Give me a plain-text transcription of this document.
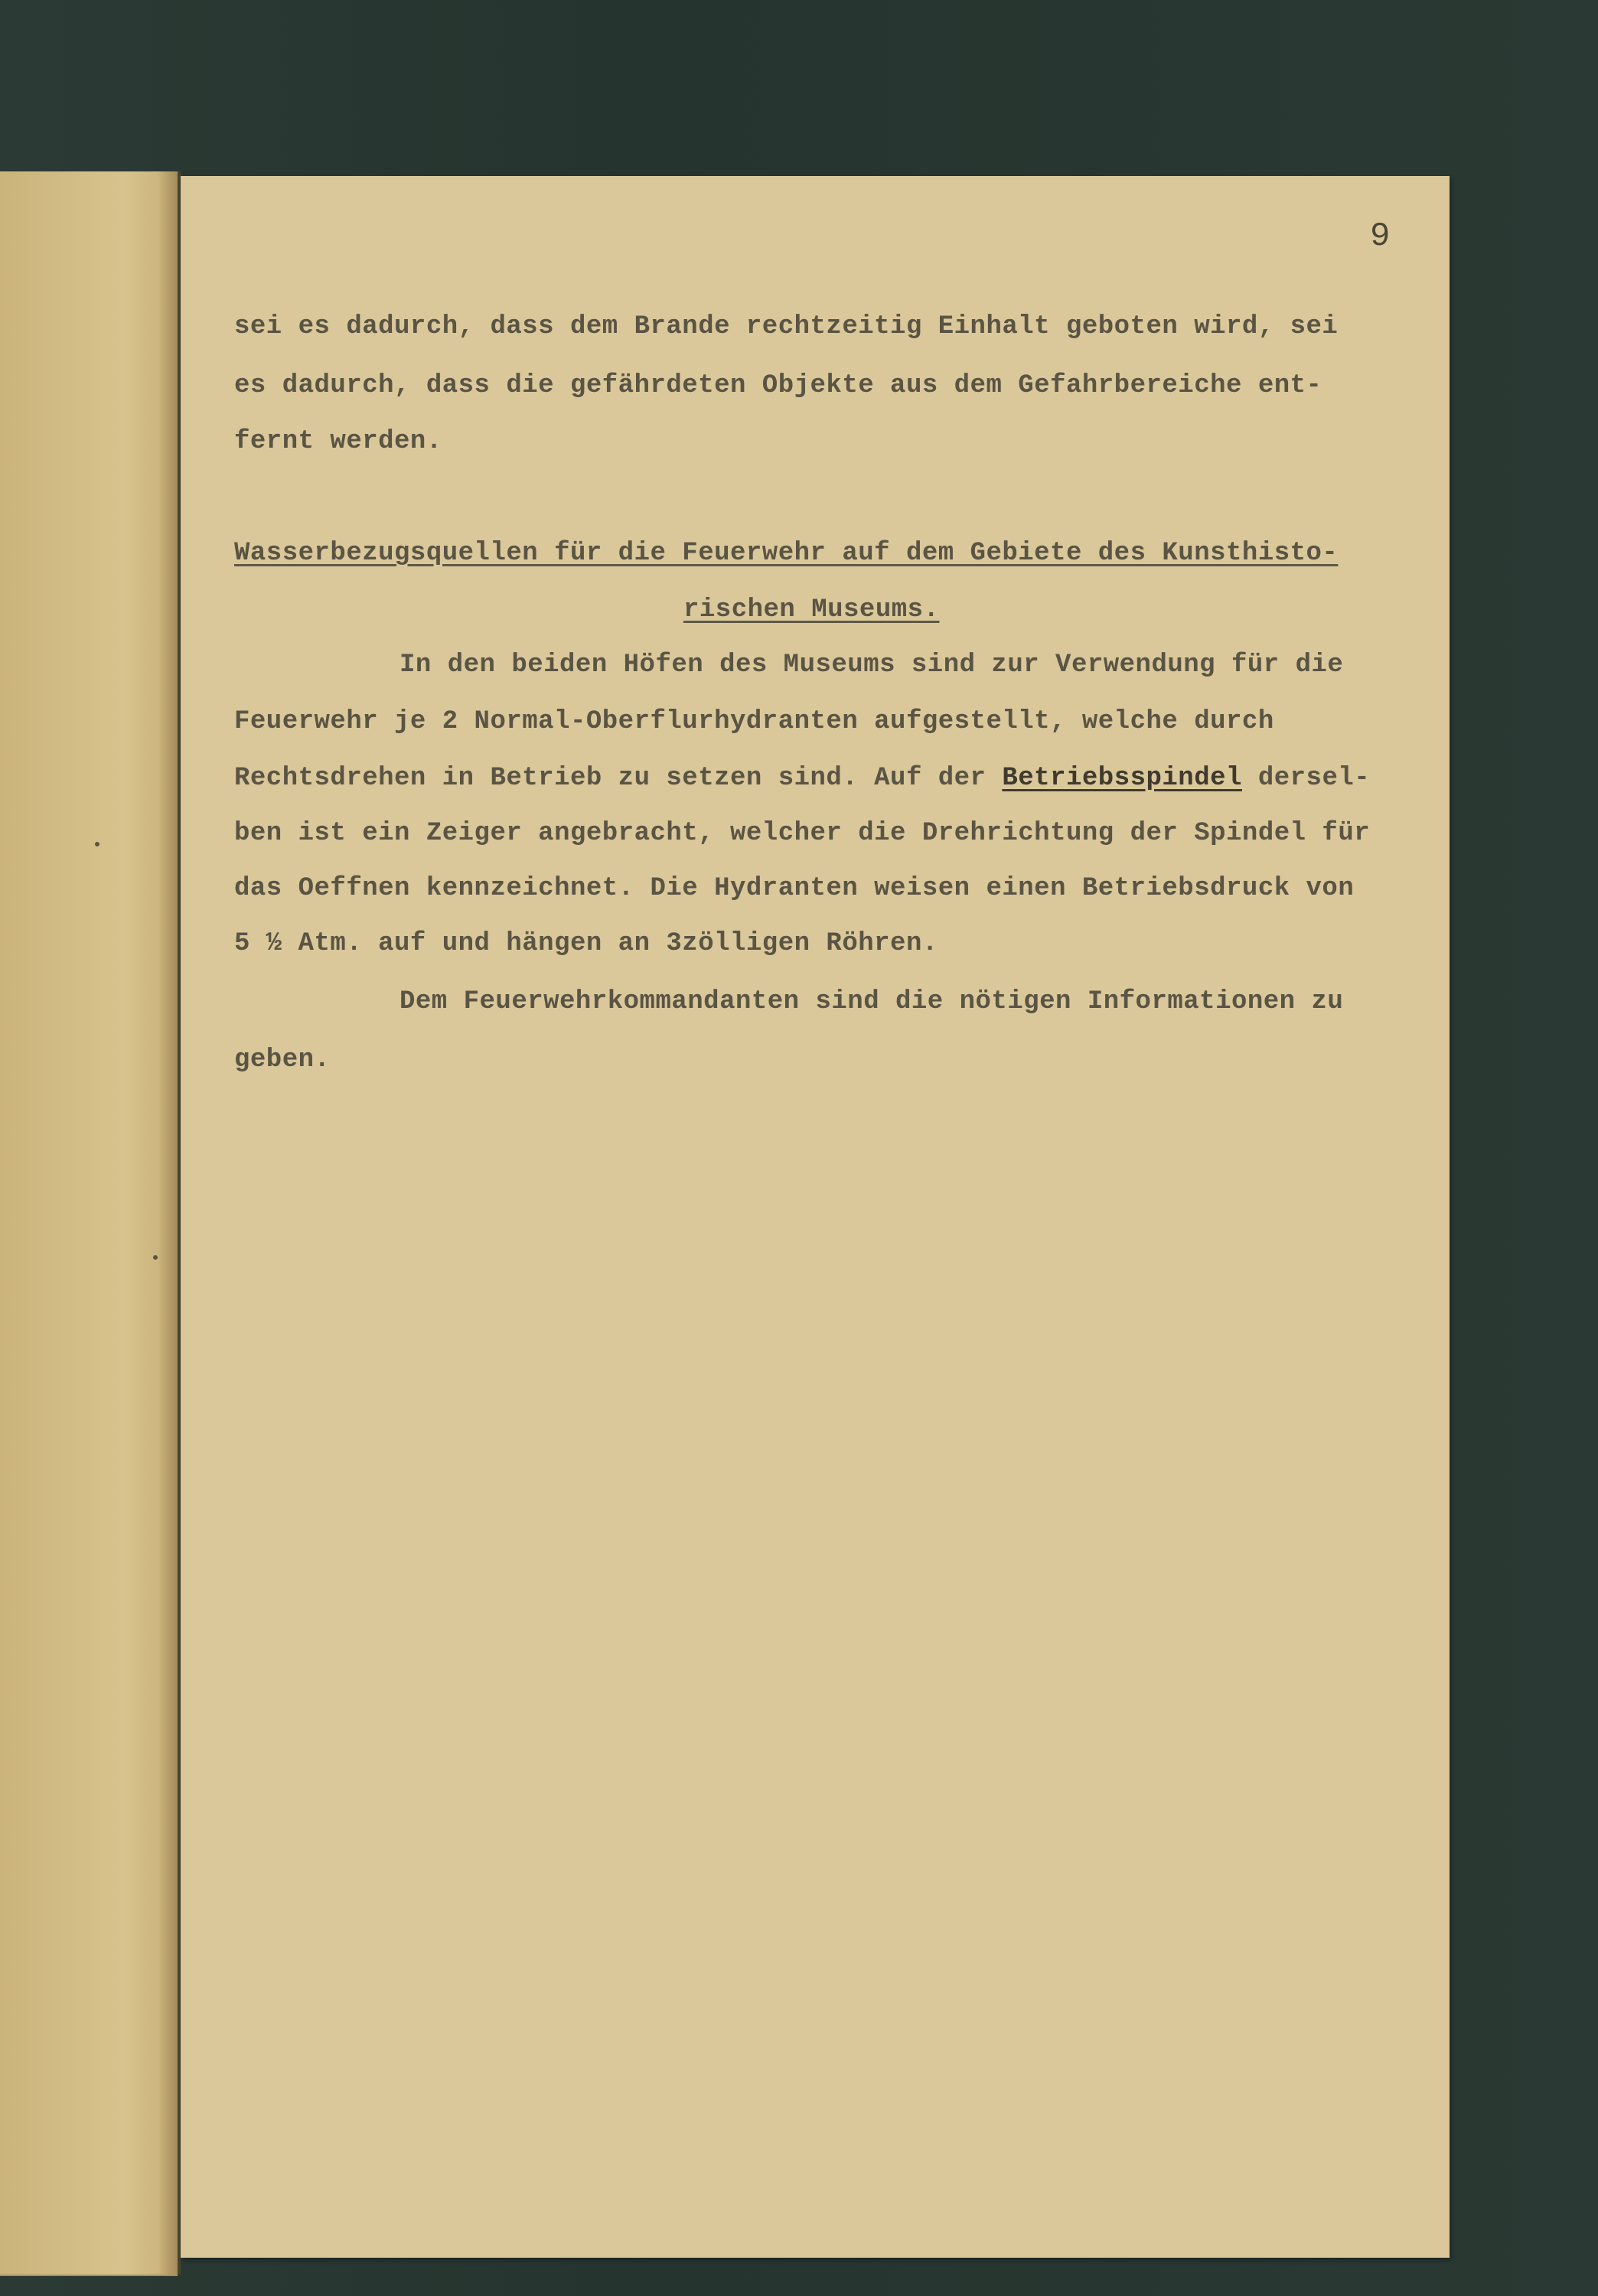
9
sei es dadurch, dass dem Brande rechtzeitig Einhalt geboten wird, sei
es dadurch, dass die gefährdeten Objekte aus dem Gefahrbereiche ent-
fernt werden.
Wasserbezugsquellen für die Feuerwehr auf dem Gebiete des Kunsthisto-
rischen Museums.
In den beiden Höfen des Museums sind zur Verwendung für die
Feuerwehr je 2 Normal-Oberflurhydranten aufgestellt, welche durch
Rechtsdrehen in Betrieb zu setzen sind. Auf der Betriebsspindel dersel-
ben ist ein Zeiger angebracht, welcher die Drehrichtung der Spindel für
das Oeffnen kennzeichnet. Die Hydranten weisen einen Betriebsdruck von
5 ½ Atm. auf und hängen an 3zölligen Röhren.
Dem Feuerwehrkommandanten sind die nötigen Informationen zu
geben.
